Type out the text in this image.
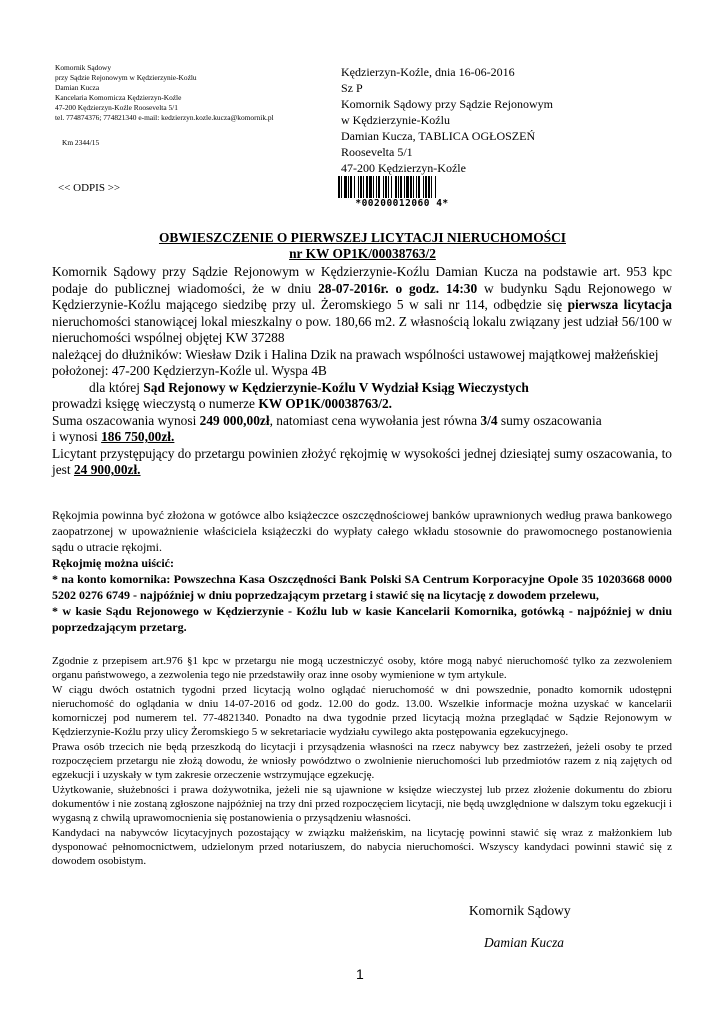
Komornik Sądowy
przy Sądzie Rejonowym w Kędzierzynie-Koźlu
Damian Kucza
Kancelaria Komornicza Kędzierzyn-Koźle
47-200 Kędzierzyn-Koźle Roosevelta 5/1
tel. 774874376; 774821340 e-mail: kedzierzyn.kozle.kucza@komornik.pl
Km 2344/15
<< ODPIS >>
Kędzierzyn-Koźle, dnia 16-06-2016
Sz P
Komornik Sądowy przy Sądzie Rejonowym
w Kędzierzynie-Koźlu
Damian Kucza, TABLICA OGŁOSZEŃ
Roosevelta 5/1
47-200 Kędzierzyn-Koźle
*00200012060 4*
OBWIESZCZENIE O PIERWSZEJ LICYTACJI NIERUCHOMOŚCI
nr KW OP1K/00038763/2

Komornik Sądowy przy Sądzie Rejonowym w Kędzierzynie-Koźlu Damian Kucza na podstawie art. 953 kpc podaje do publicznej wiadomości, że w dniu 28-07-2016r. o godz. 14:30 w budynku Sądu Rejonowego w Kędzierzynie-Koźlu mającego siedzibę przy ul. Żeromskiego 5 w sali nr 114, odbędzie się pierwsza licytacja nieruchomości stanowiącej lokal mieszkalny o pow. 180,66 m2. Z własnością lokalu związany jest udział 56/100 w nieruchomości wspólnej objętej KW 37288

należącej do dłużników: Wiesław Dzik i Halina Dzik na prawach wspólności ustawowej majątkowej małżeńskiej

położonej: 47-200 Kędzierzyn-Koźle ul. Wyspa 4B

dla której Sąd Rejonowy w Kędzierzynie-Koźlu V Wydział Ksiąg Wieczystych

prowadzi księgę wieczystą o numerze KW OP1K/00038763/2.

Suma oszacowania wynosi 249 000,00zł, natomiast cena wywołania jest równa 3/4 sumy oszacowania

i wynosi 186 750,00zł.

Licytant przystępujący do przetargu powinien złożyć rękojmię w wysokości jednej dziesiątej sumy oszacowania, to jest 24 900,00zł.

Rękojmia powinna być złożona w gotówce albo książeczce oszczędnościowej banków uprawnionych według prawa bankowego zaopatrzonej w upoważnienie właściciela książeczki do wypłaty całego wkładu stosownie do prawomocnego postanowienia sądu o utracie rękojmi.

Rękojmię można uiścić:

* na konto komornika: Powszechna Kasa Oszczędności Bank Polski SA Centrum Korporacyjne Opole 35 10203668 0000 5202 0276 6749 - najpóźniej w dniu poprzedzającym przetarg i stawić się na licytację z dowodem przelewu,

* w kasie Sądu Rejonowego w Kędzierzynie - Koźlu lub w kasie Kancelarii Komornika, gotówką - najpóźniej w dniu poprzedzającym przetarg.

Zgodnie z przepisem art.976 §1 kpc w przetargu nie mogą uczestniczyć osoby, które mogą nabyć nieruchomość tylko za zezwoleniem organu państwowego, a zezwolenia tego nie przedstawiły oraz inne osoby wymienione w tym artykule.

W ciągu dwóch ostatnich tygodni przed licytacją wolno oglądać nieruchomość w dni powszednie, ponadto komornik udostępni nieruchomość do oglądania w dniu 14-07-2016 od godz. 12.00 do godz. 13.00. Wszelkie informacje można uzyskać w kancelarii komorniczej pod numerem tel. 77-4821340. Ponadto na dwa tygodnie przed licytacją można przeglądać w Sądzie Rejonowym w Kędzierzynie-Koźlu przy ulicy Żeromskiego 5 w sekretariacie wydziału cywilego akta postępowania egzekucyjnego.

Prawa osób trzecich nie będą przeszkodą do licytacji i przysądzenia własności na rzecz nabywcy bez zastrzeżeń, jeżeli osoby te przed rozpoczęciem przetargu nie złożą dowodu, że wniosły powództwo o zwolnienie nieruchomości lub przedmiotów razem z nią zajętych od egzekucji i uzyskały w tym zakresie orzeczenie wstrzymujące egzekucję.

Użytkowanie, służebności i prawa dożywotnika, jeżeli nie są ujawnione w księdze wieczystej lub przez złożenie dokumentu do zbioru dokumentów i nie zostaną zgłoszone najpóźniej na trzy dni przed rozpoczęciem licytacji, nie będą uwzględnione w dalszym toku egzekucji i wygasną z chwilą uprawomocnienia się postanowienia o przysądzeniu własności.

Kandydaci na nabywców licytacyjnych pozostający w związku małżeńskim, na licytację powinni stawić się wraz z małżonkiem lub dysponować pełnomocnictwem, udzielonym przed notariuszem, do nabycia nieruchomości. Wszyscy kandydaci powinni stawić się z dowodem osobistym.

Komornik Sądowy
Damian Kucza
1
